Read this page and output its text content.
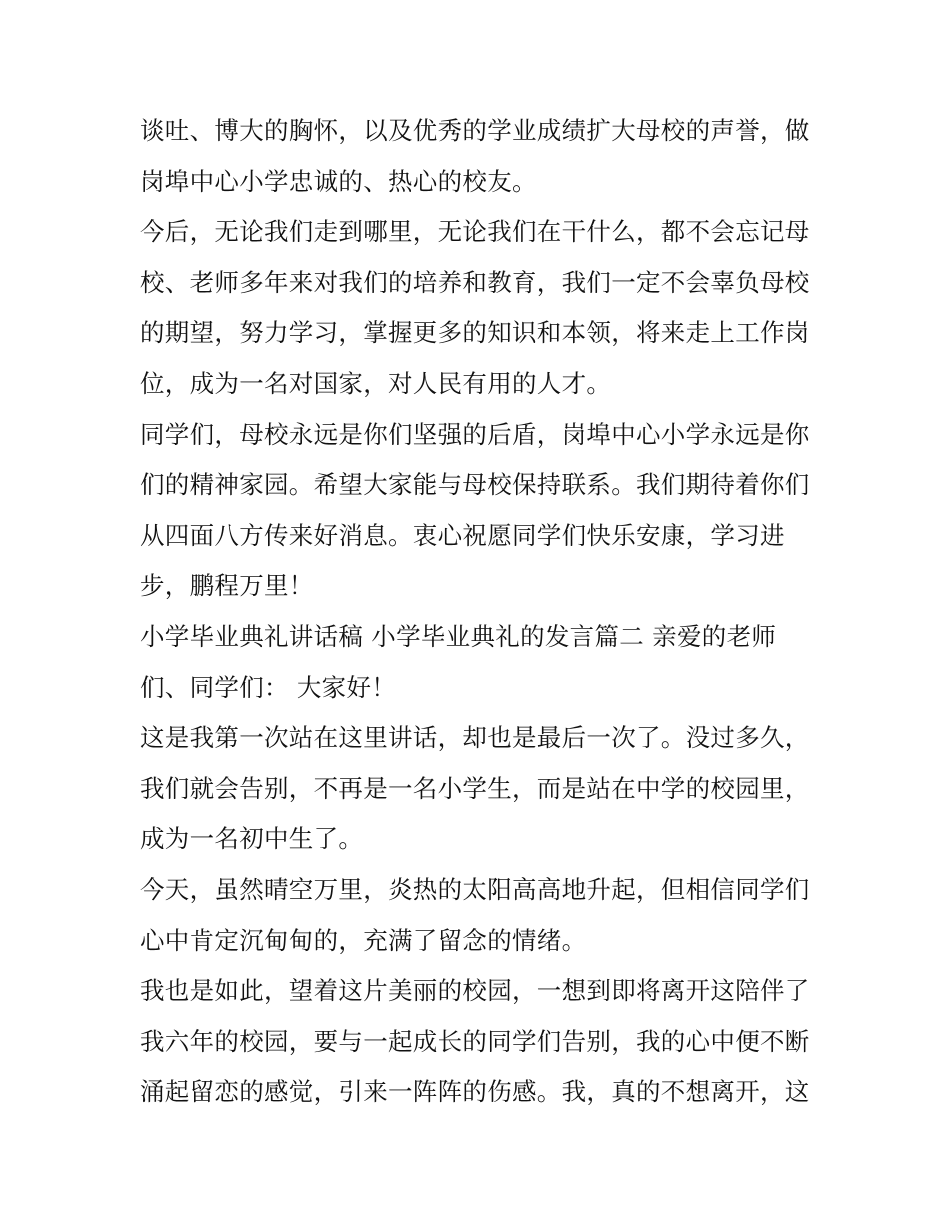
谈吐、博大的胸怀，以及优秀的学业成绩扩大母校的声誉，做
岗埠中心小学忠诚的、热心的校友。
今后，无论我们走到哪里，无论我们在干什么，都不会忘记母
校、老师多年来对我们的培养和教育，我们一定不会辜负母校
的期望，努力学习，掌握更多的知识和本领，将来走上工作岗
位，成为一名对国家，对人民有用的人才。
同学们，母校永远是你们坚强的后盾，岗埠中心小学永远是你
们的精神家园。希望大家能与母校保持联系。我们期待着你们
从四面八方传来好消息。衷心祝愿同学们快乐安康，学习进
步，鹏程万里！
小学毕业典礼讲话稿 小学毕业典礼的发言篇二 亲爱的老师
们、同学们： 大家好！
这是我第一次站在这里讲话，却也是最后一次了。没过多久，
我们就会告别，不再是一名小学生，而是站在中学的校园里，
成为一名初中生了。
今天，虽然晴空万里，炎热的太阳高高地升起，但相信同学们
心中肯定沉甸甸的，充满了留念的情绪。
我也是如此，望着这片美丽的校园，一想到即将离开这陪伴了
我六年的校园，要与一起成长的同学们告别，我的心中便不断
涌起留恋的感觉，引来一阵阵的伤感。我，真的不想离开，这
